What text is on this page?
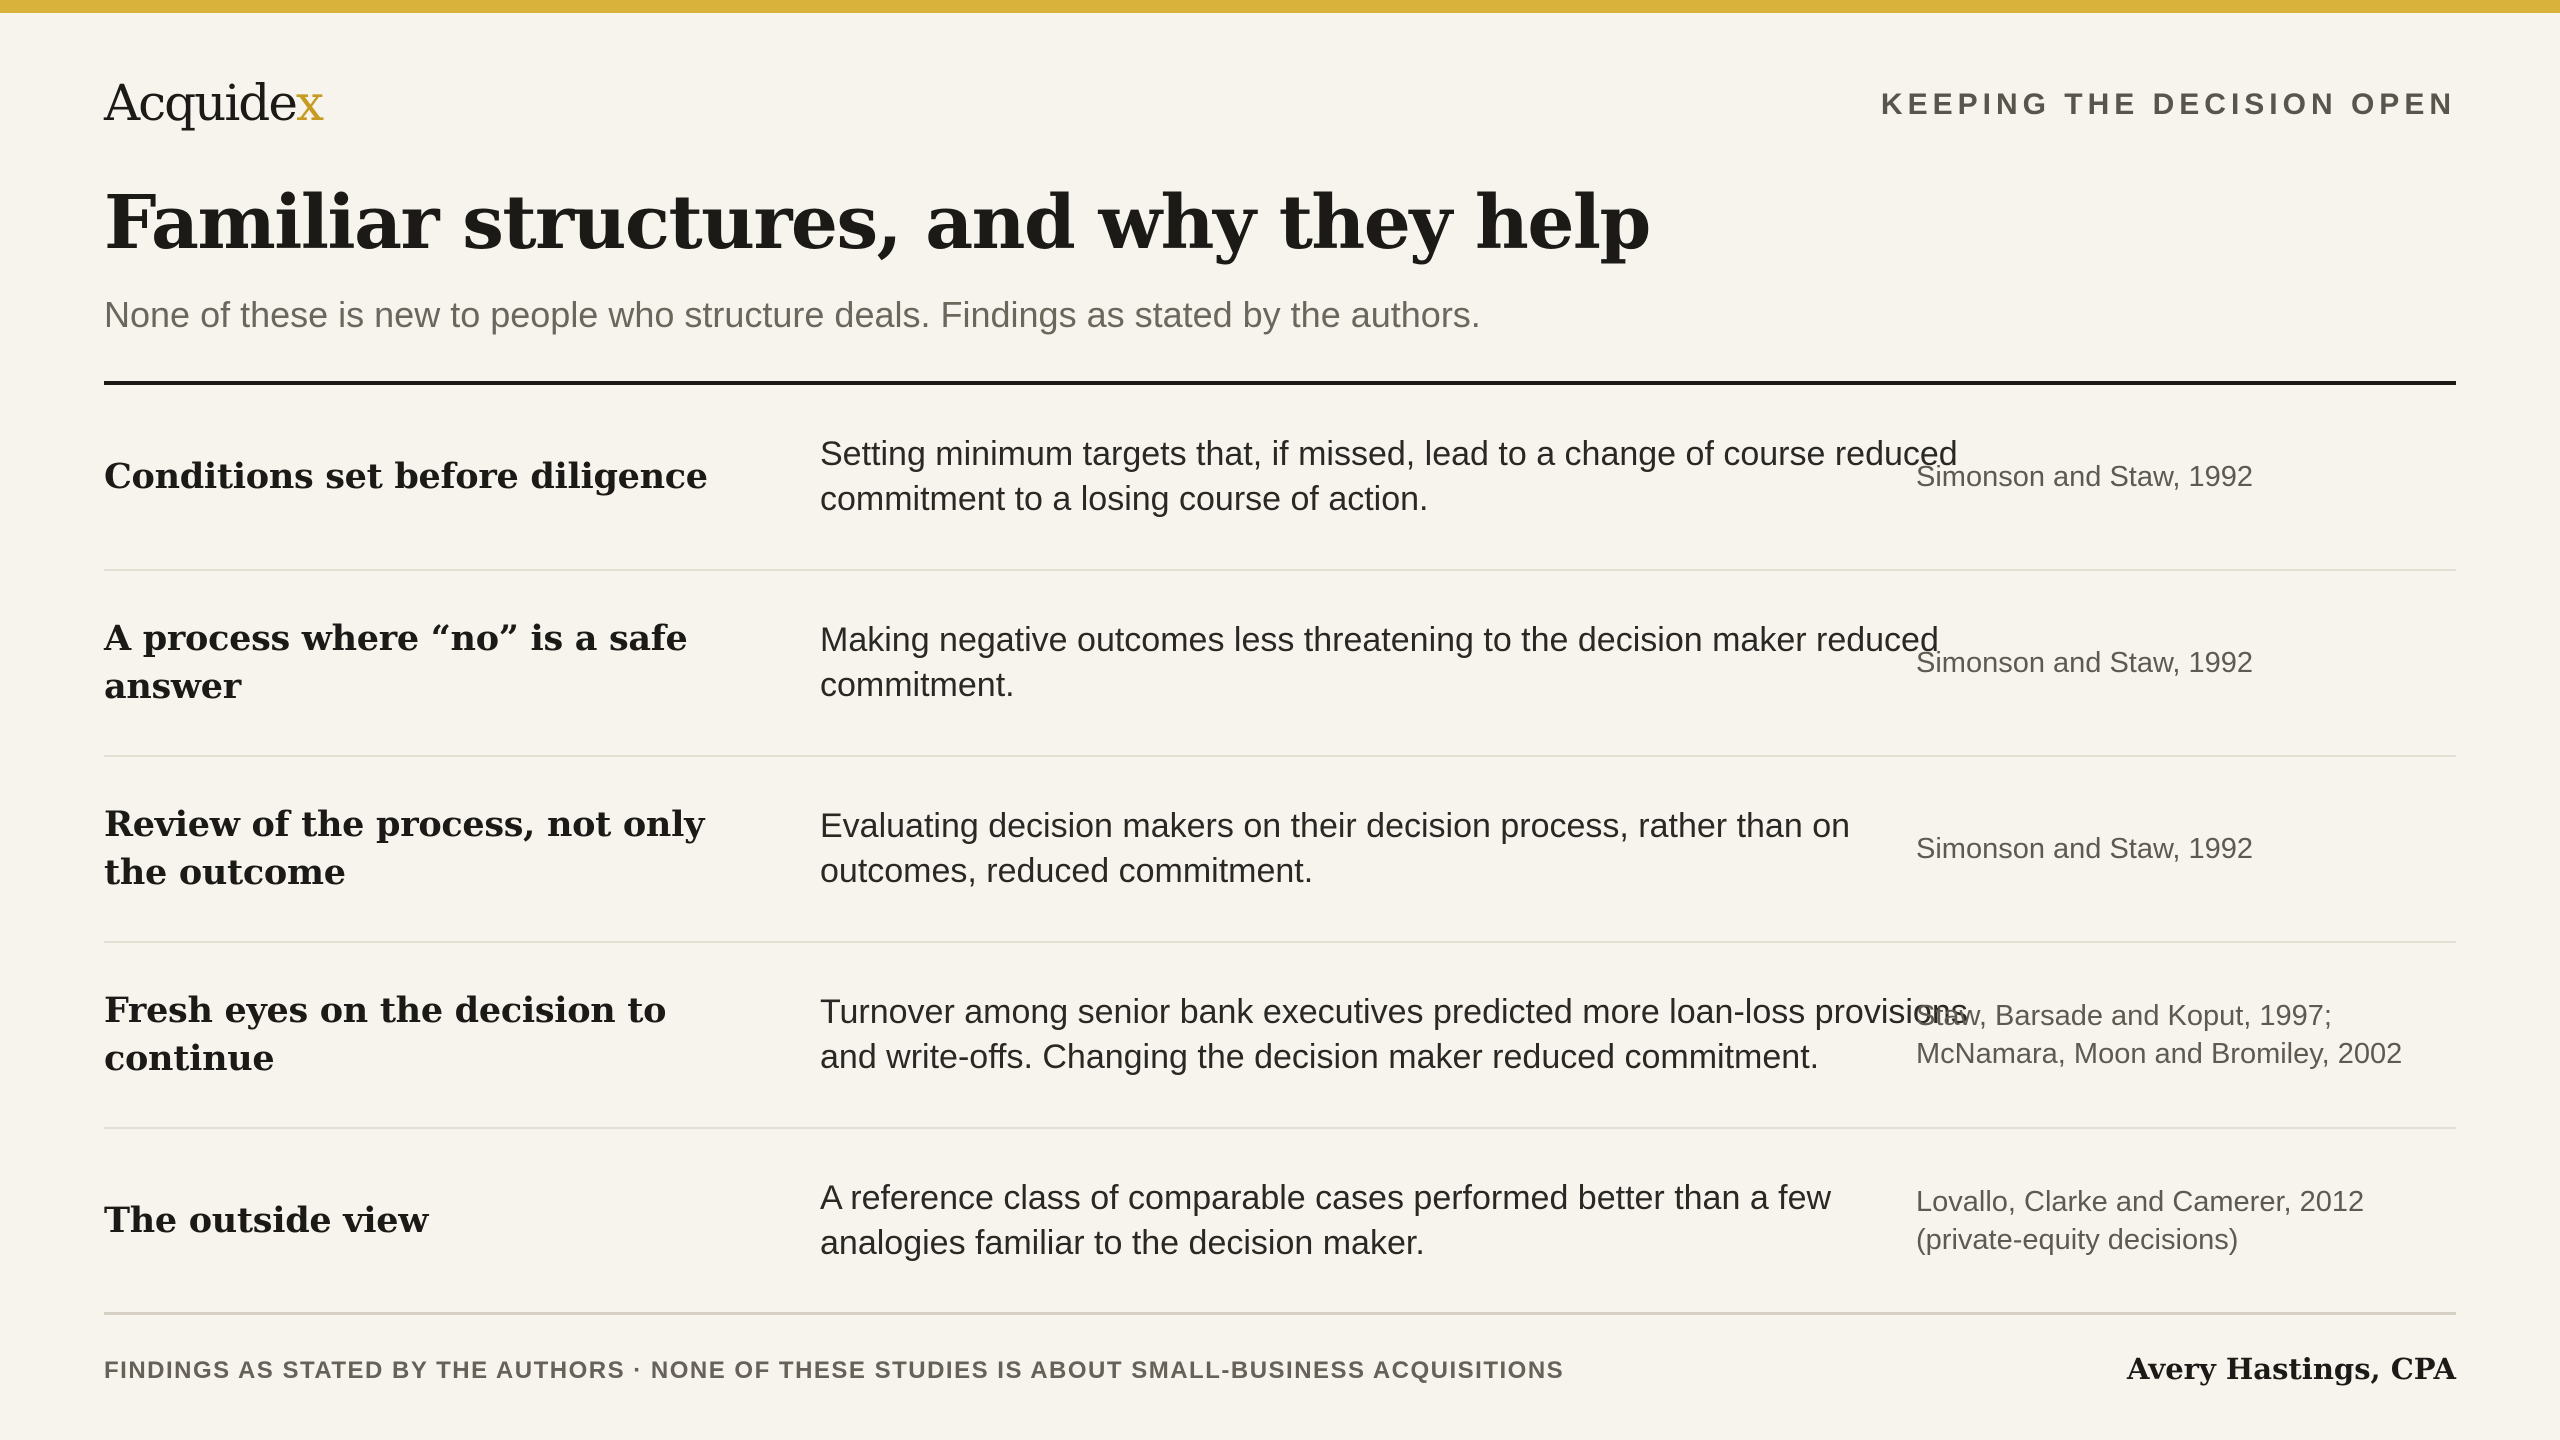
Acquidex	KEEPING THE DECISION OPEN
Familiar structures, and why they help

None of these is new to people who structure deals. Findings as stated by the authors.

Conditions set before diligence
Setting minimum targets that, if missed, lead to a change of course reduced commitment to a losing course of action.
Simonson and Staw, 1992
A process where “no” is a safe answer
Making negative outcomes less threatening to the decision maker reduced commitment.
Simonson and Staw, 1992
Review of the process, not only the outcome
Evaluating decision makers on their decision process, rather than on outcomes, reduced commitment.
Simonson and Staw, 1992
Fresh eyes on the decision to continue
Turnover among senior bank executives predicted more loan-loss provisions and write-offs. Changing the decision maker reduced commitment.
Staw, Barsade and Koput, 1997; McNamara, Moon and Bromiley, 2002
The outside view
A reference class of comparable cases performed better than a few analogies familiar to the decision maker.
Lovallo, Clarke and Camerer, 2012 (private-equity decisions)
FINDINGS AS STATED BY THE AUTHORS · NONE OF THESE STUDIES IS ABOUT SMALL-BUSINESS ACQUISITIONS	Avery Hastings, CPA
